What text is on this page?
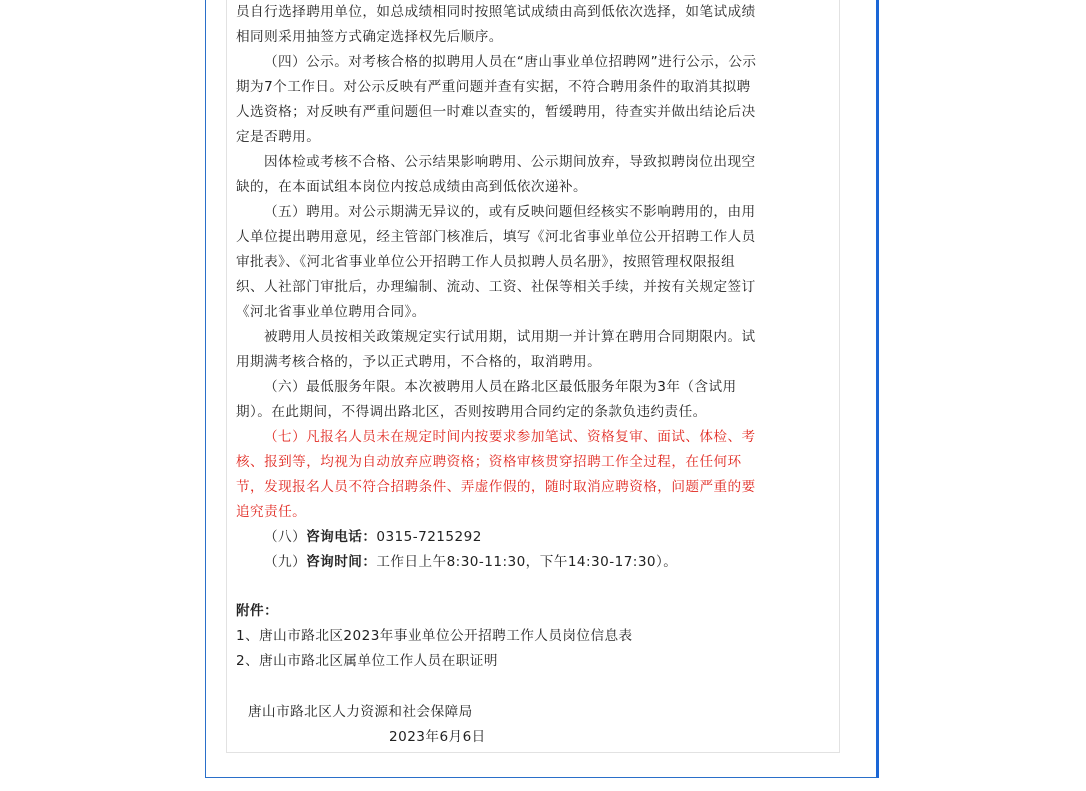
员自行选择聘用单位，如总成绩相同时按照笔试成绩由高到低依次选择，如笔试成绩
相同则采用抽签方式确定选择权先后顺序。
（四）公示。对考核合格的拟聘用人员在“唐山事业单位招聘网”进行公示，公示
期为7个工作日。对公示反映有严重问题并查有实据，不符合聘用条件的取消其拟聘
人选资格；对反映有严重问题但一时难以查实的，暂缓聘用，待查实并做出结论后决
定是否聘用。
因体检或考核不合格、公示结果影响聘用、公示期间放弃，导致拟聘岗位出现空
缺的，在本面试组本岗位内按总成绩由高到低依次递补。
（五）聘用。对公示期满无异议的，或有反映问题但经核实不影响聘用的，由用
人单位提出聘用意见，经主管部门核准后，填写《河北省事业单位公开招聘工作人员
审批表》、《河北省事业单位公开招聘工作人员拟聘人员名册》，按照管理权限报组
织、人社部门审批后，办理编制、流动、工资、社保等相关手续，并按有关规定签订
《河北省事业单位聘用合同》。
被聘用人员按相关政策规定实行试用期，试用期一并计算在聘用合同期限内。试
用期满考核合格的，予以正式聘用，不合格的，取消聘用。
（六）最低服务年限。本次被聘用人员在路北区最低服务年限为3年（含试用
期）。在此期间，不得调出路北区，否则按聘用合同约定的条款负违约责任。
（七）凡报名人员未在规定时间内按要求参加笔试、资格复审、面试、体检、考
核、报到等，均视为自动放弃应聘资格；资格审核贯穿招聘工作全过程，在任何环
节，发现报名人员不符合招聘条件、弄虚作假的，随时取消应聘资格，问题严重的要
追究责任。
（八）咨询电话：0315-7215292
（九）咨询时间：工作日上午8:30-11:30，下午14:30-17:30）。
附件：
1、唐山市路北区2023年事业单位公开招聘工作人员岗位信息表
2、唐山市路北区属单位工作人员在职证明
唐山市路北区人力资源和社会保障局
2023年6月6日
